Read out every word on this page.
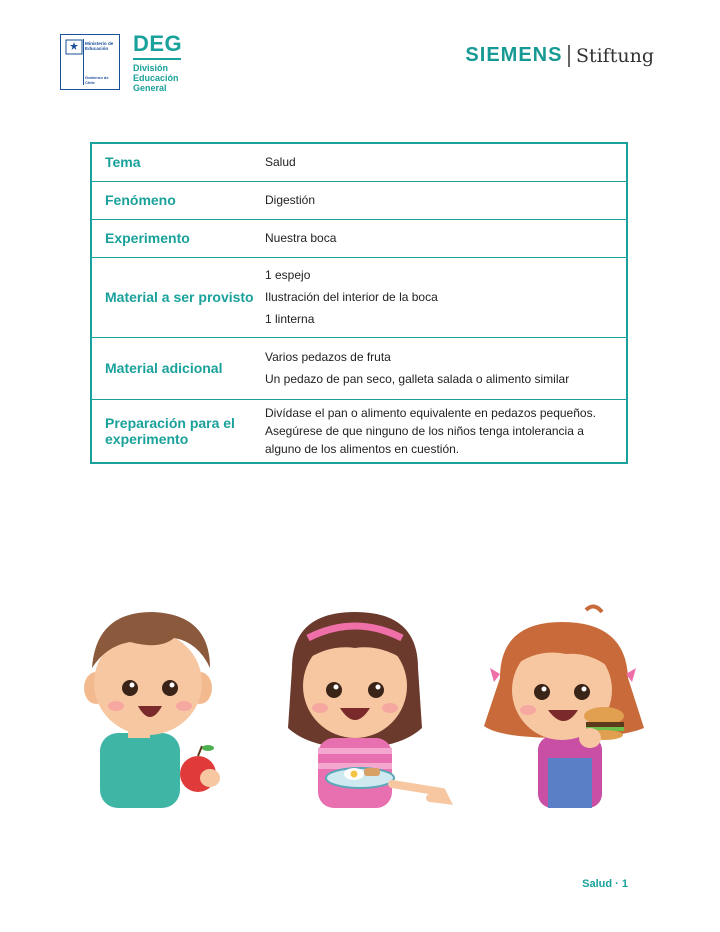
Ministerio de
Educación
Gobierno de Chile
DEG
División
Educación
General
SIEMENS Stiftung
Tema	Salud

Fenómeno	Digestión

Experimento	Nuestra boca

Material a ser provisto	1 espejo
Ilustración del interior de la boca
1 linterna

Material adicional	Varios pedazos de fruta
Un pedazo de pan seco, galleta salada o alimento similar

Preparación para el experimento	Divídase el pan o alimento equivalente en pedazos pequeños. Asegúrese de que ninguno de los niños tenga intolerancia a alguno de los alimentos en cuestión.
Salud · 1
